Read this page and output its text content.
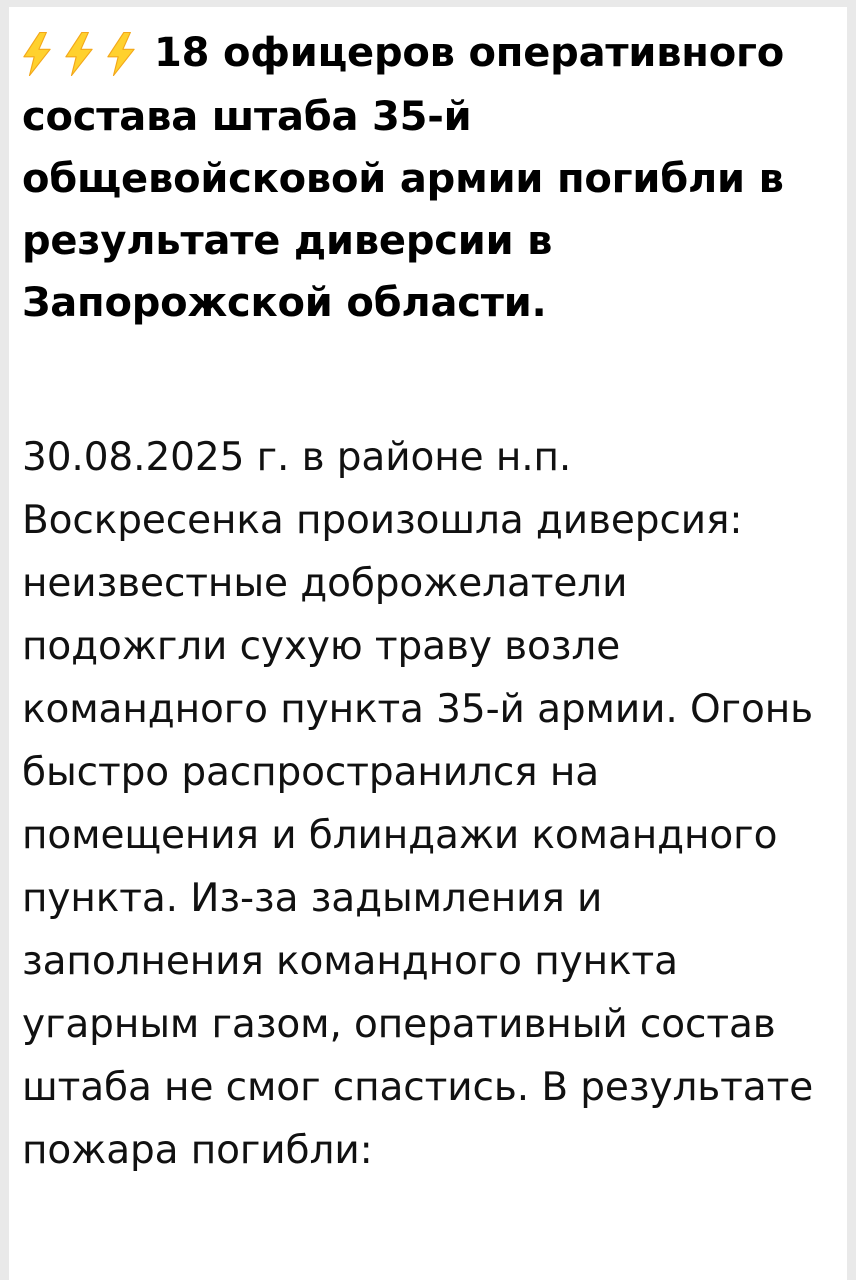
18 офицеров оперативного состава штаба 35-й общевойсковой армии погибли в результате диверсии в Запорожской области.

30.08.2025 г. в районе н.п. Воскресенка произошла диверсия: неизвестные доброжелатели подожгли сухую траву возле командного пункта 35-й армии. Огонь быстро распространился на помещения и блиндажи командного пункта. Из-за задымления и заполнения командного пункта угарным газом, оперативный состав штаба не смог спастись. В результате пожара погибли:
